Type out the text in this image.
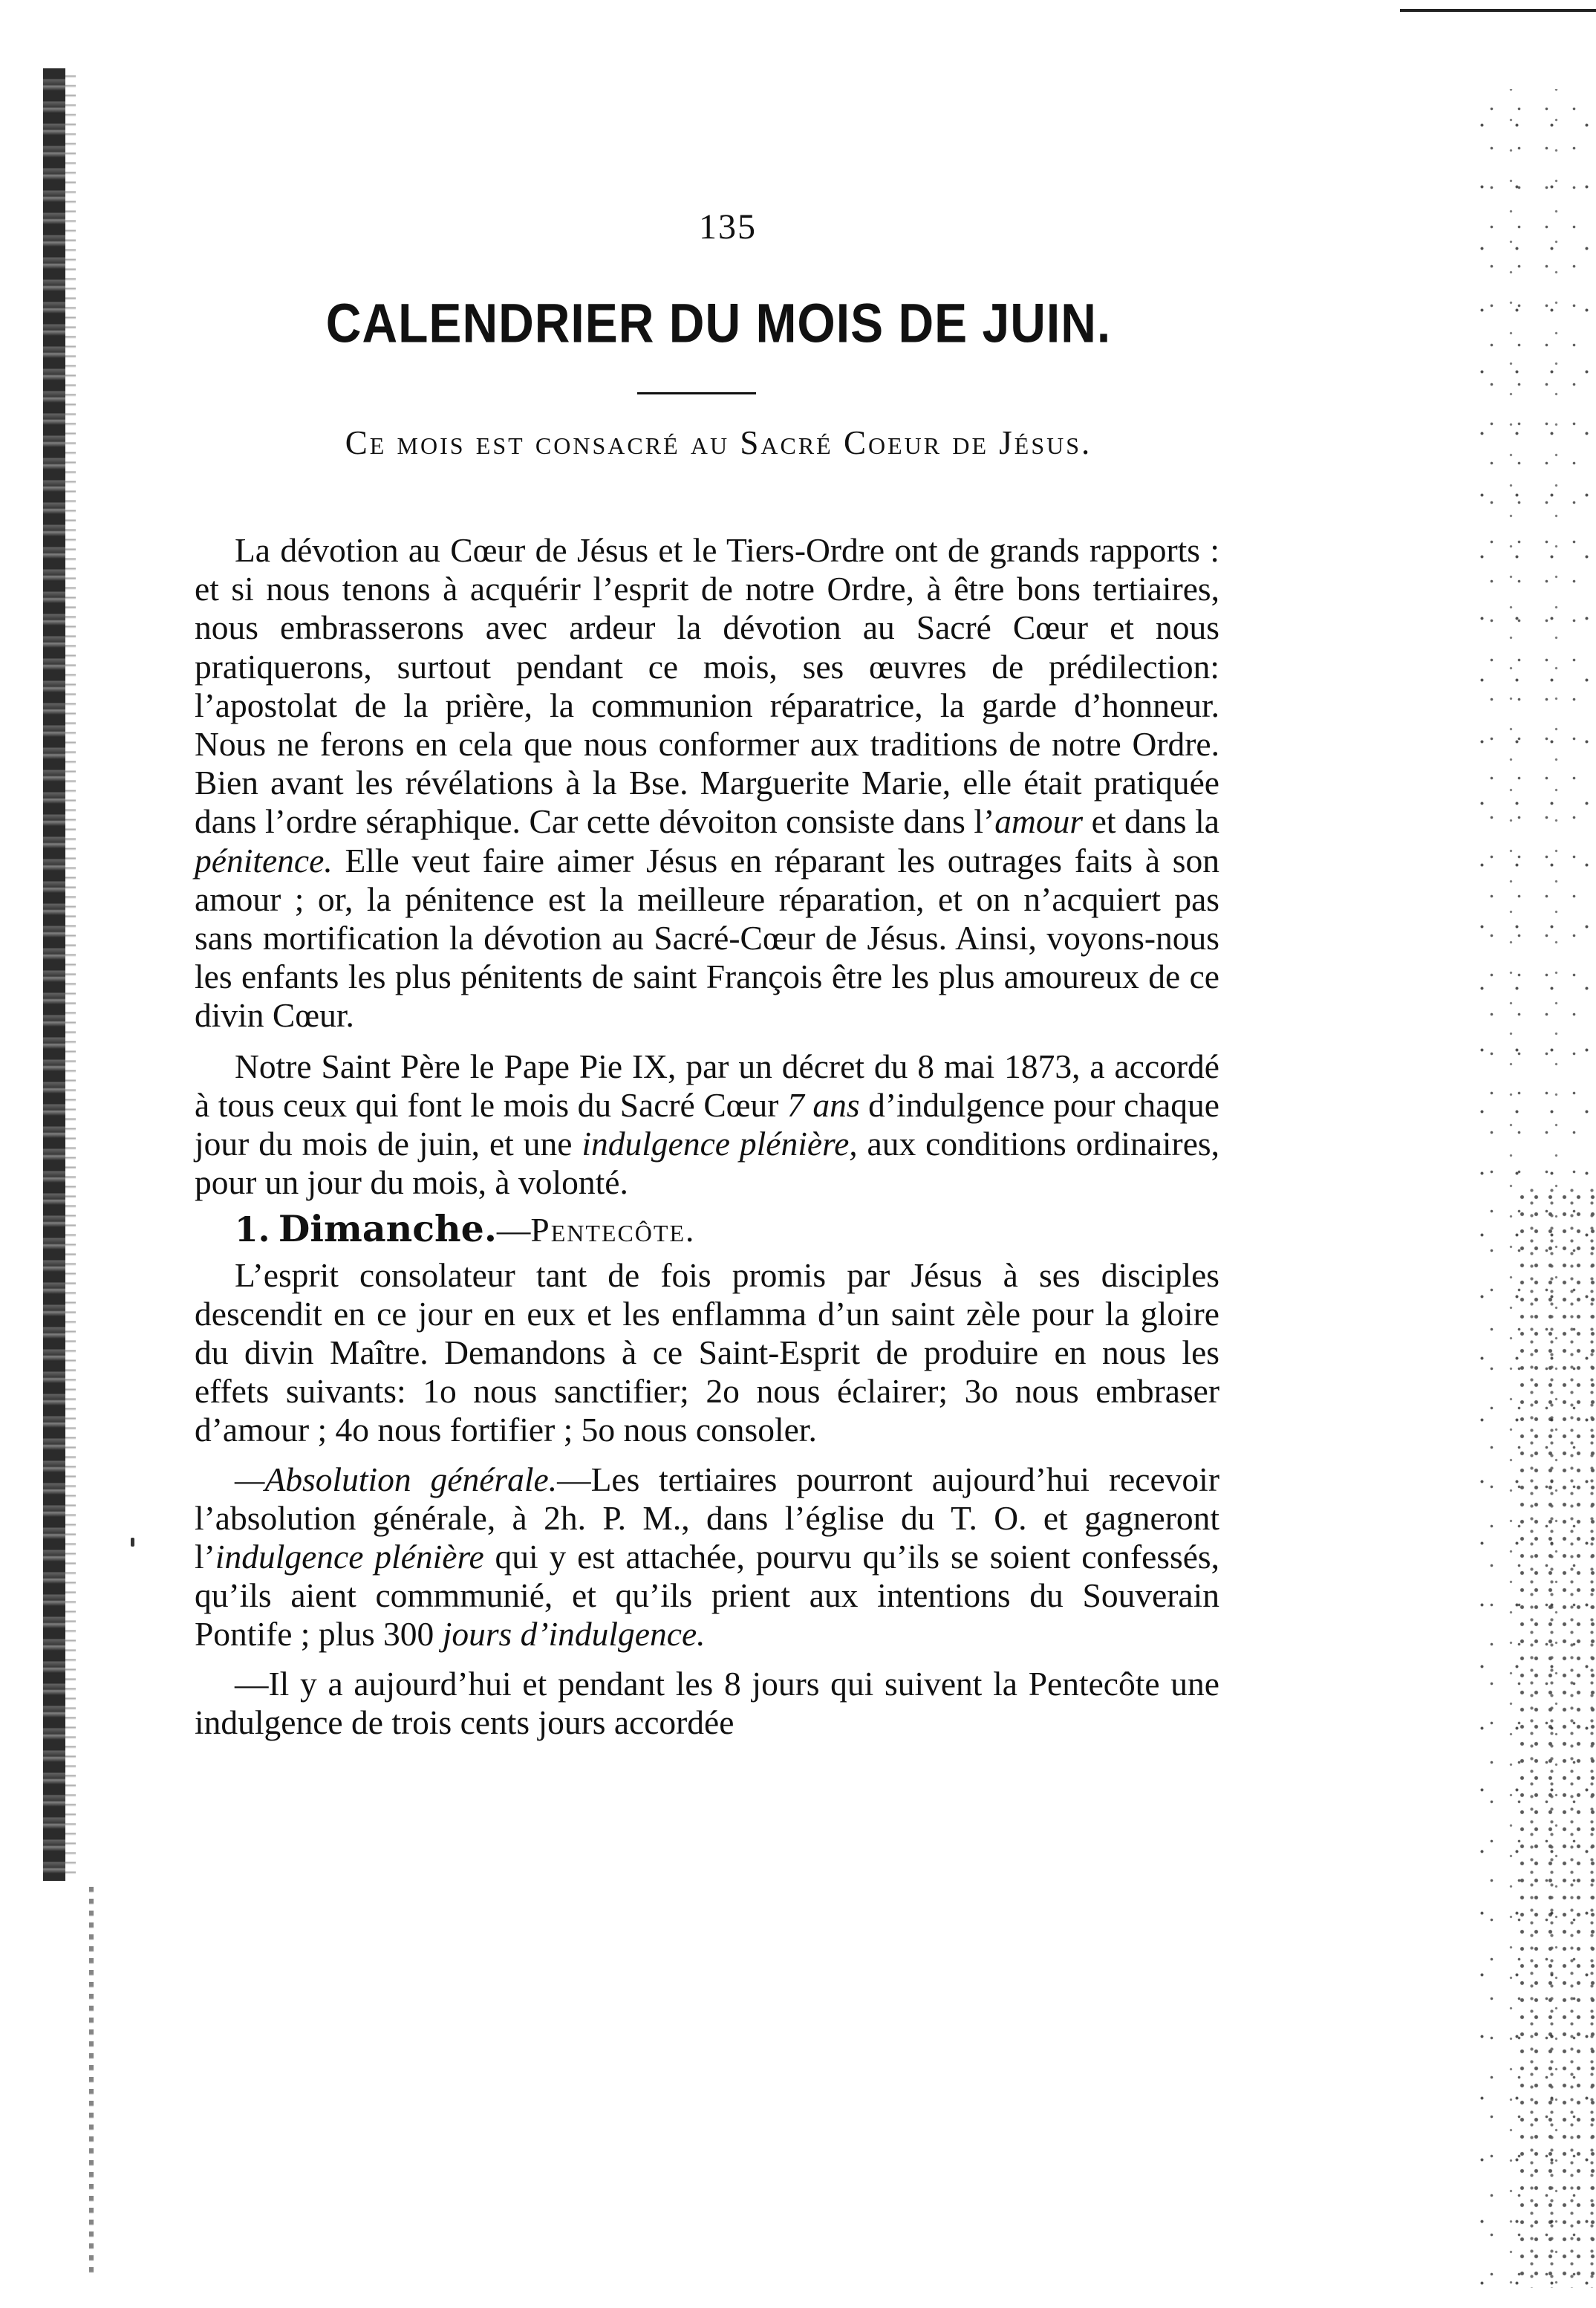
135
CALENDRIER DU MOIS DE JUIN.
Ce mois est consacré au Sacré Coeur de Jésus.

La dévotion au Cœur de Jésus et le Tiers-Ordre ont de grands rapports : et si nous tenons à acquérir l’esprit de notre Ordre, à être bons tertiaires, nous embrasserons avec ardeur la dévotion au Sacré Cœur et nous pratiquerons, surtout pendant ce mois, ses œuvres de prédilection: l’apostolat de la prière, la communion réparatrice, la garde d’honneur. Nous ne ferons en cela que nous conformer aux traditions de notre Ordre. Bien avant les révélations à la Bse. Marguerite Marie, elle était pratiquée dans l’ordre séraphique. Car cette dévoiton consiste dans l’amour et dans la pénitence. Elle veut faire aimer Jésus en réparant les outrages faits à son amour ; or, la pénitence est la meilleure réparation, et on n’acquiert pas sans mortification la dévotion au Sacré-Cœur de Jésus. Ainsi, voyons-nous les enfants les plus pénitents de saint François être les plus amoureux de ce divin Cœur.

Notre Saint Père le Pape Pie IX, par un décret du 8 mai 1873, a accordé à tous ceux qui font le mois du Sacré Cœur 7 ans d’indulgence pour chaque jour du mois de juin, et une indulgence plénière, aux conditions ordinaires, pour un jour du mois, à volonté.

1. Dimanche.—Pentecôte.

L’esprit consolateur tant de fois promis par Jésus à ses disciples descendit en ce jour en eux et les enflamma d’un saint zèle pour la gloire du divin Maître. Demandons à ce Saint-Esprit de produire en nous les effets suivants: 1o nous sanctifier; 2o nous éclairer; 3o nous embraser d’amour ; 4o nous fortifier ; 5o nous consoler.

—Absolution générale.—Les tertiaires pourront aujourd’hui recevoir l’absolution générale, à 2h. P. M., dans l’église du T. O. et gagneront l’indulgence plénière qui y est attachée, pourvu qu’ils se soient confessés, qu’ils aient commmunié, et qu’ils prient aux intentions du Souverain Pontife ; plus 300 jours d’indulgence.

—Il y a aujourd’hui et pendant les 8 jours qui suivent la Pentecôte une indulgence de trois cents jours accordée
